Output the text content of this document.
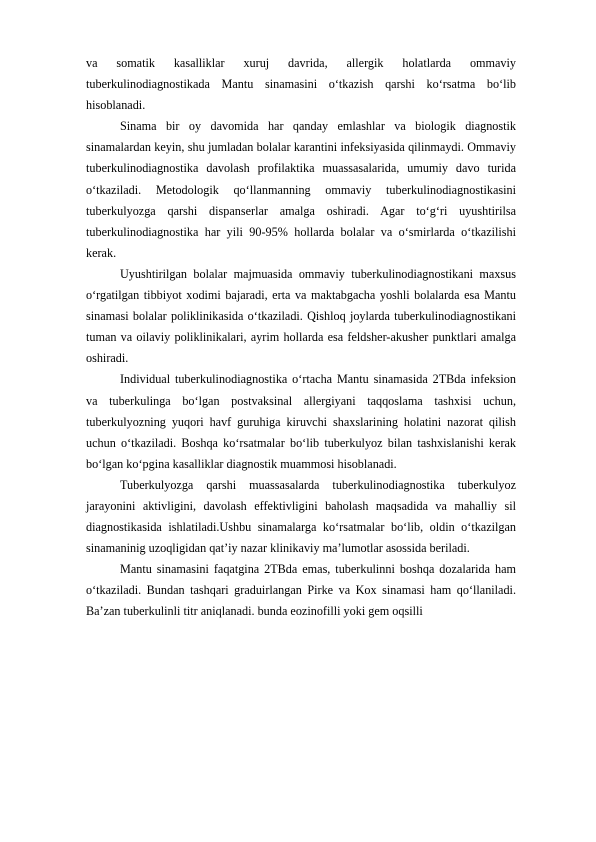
va somatik kasalliklar xuruj davrida, allergik holatlarda ommaviy tuberkulinodiagnostikada Mantu sinamasini o‘tkazish qarshi ko‘rsatma bo‘lib hisoblanadi.

Sinama bir oy davomida har qanday emlashlar va biologik diagnostik sinamalardan keyin, shu jumladan bolalar karantini infeksiyasida qilinmaydi. Ommaviy tuberkulinodiagnostika davolash profilaktika muassasalarida, umumiy davo turida o‘tkaziladi. Metodologik qo‘llanmanning ommaviy tuberkulinodiagnostikasini tuberkulyozga qarshi dispanserlar amalga oshiradi. Agar to‘g‘ri uyushtirilsa tuberkulinodiagnostika har yili 90-95% hollarda bolalar va o‘smirlarda o‘tkazilishi kerak.

Uyushtirilgan bolalar majmuasida ommaviy tuberkulinodiagnostikani maxsus o‘rgatilgan tibbiyot xodimi bajaradi, erta va maktabgacha yoshli bolalarda esa Mantu sinamasi bolalar poliklinikasida o‘tkaziladi. Qishloq joylarda tuberkulinodiagnostikani tuman va oilaviy poliklinikalari, ayrim hollarda esa feldsher-akusher punktlari amalga oshiradi.

Individual tuberkulinodiagnostika o‘rtacha Mantu sinamasida 2TBda infeksion va tuberkulinga bo‘lgan postvaksinal allergiyani taqqoslama tashxisi uchun, tuberkulyozning yuqori havf guruhiga kiruvchi shaxslarining holatini nazorat qilish uchun o‘tkaziladi. Boshqa ko‘rsatmalar bo‘lib tuberkulyoz bilan tashxislanishi kerak bo‘lgan ko‘pgina kasalliklar diagnostik muammosi hisoblanadi.

Tuberkulyozga qarshi muassasalarda tuberkulinodiagnostika tuberkulyoz jarayonini aktivligini, davolash effektivligini baholash maqsadida va mahalliy sil diagnostikasida ishlatiladi.Ushbu sinamalarga ko‘rsatmalar bo‘lib, oldin o‘tkazilgan sinamaninig uzoqligidan qat’iy nazar klinikaviy ma’lumotlar asossida beriladi.

Mantu sinamasini faqatgina 2TBda emas, tuberkulinni boshqa dozalarida ham o‘tkaziladi. Bundan tashqari graduirlangan Pirke va Kox sinamasi ham qo‘llaniladi. Ba’zan tuberkulinli titr aniqlanadi. bunda eozinofilli yoki gem oqsilli
